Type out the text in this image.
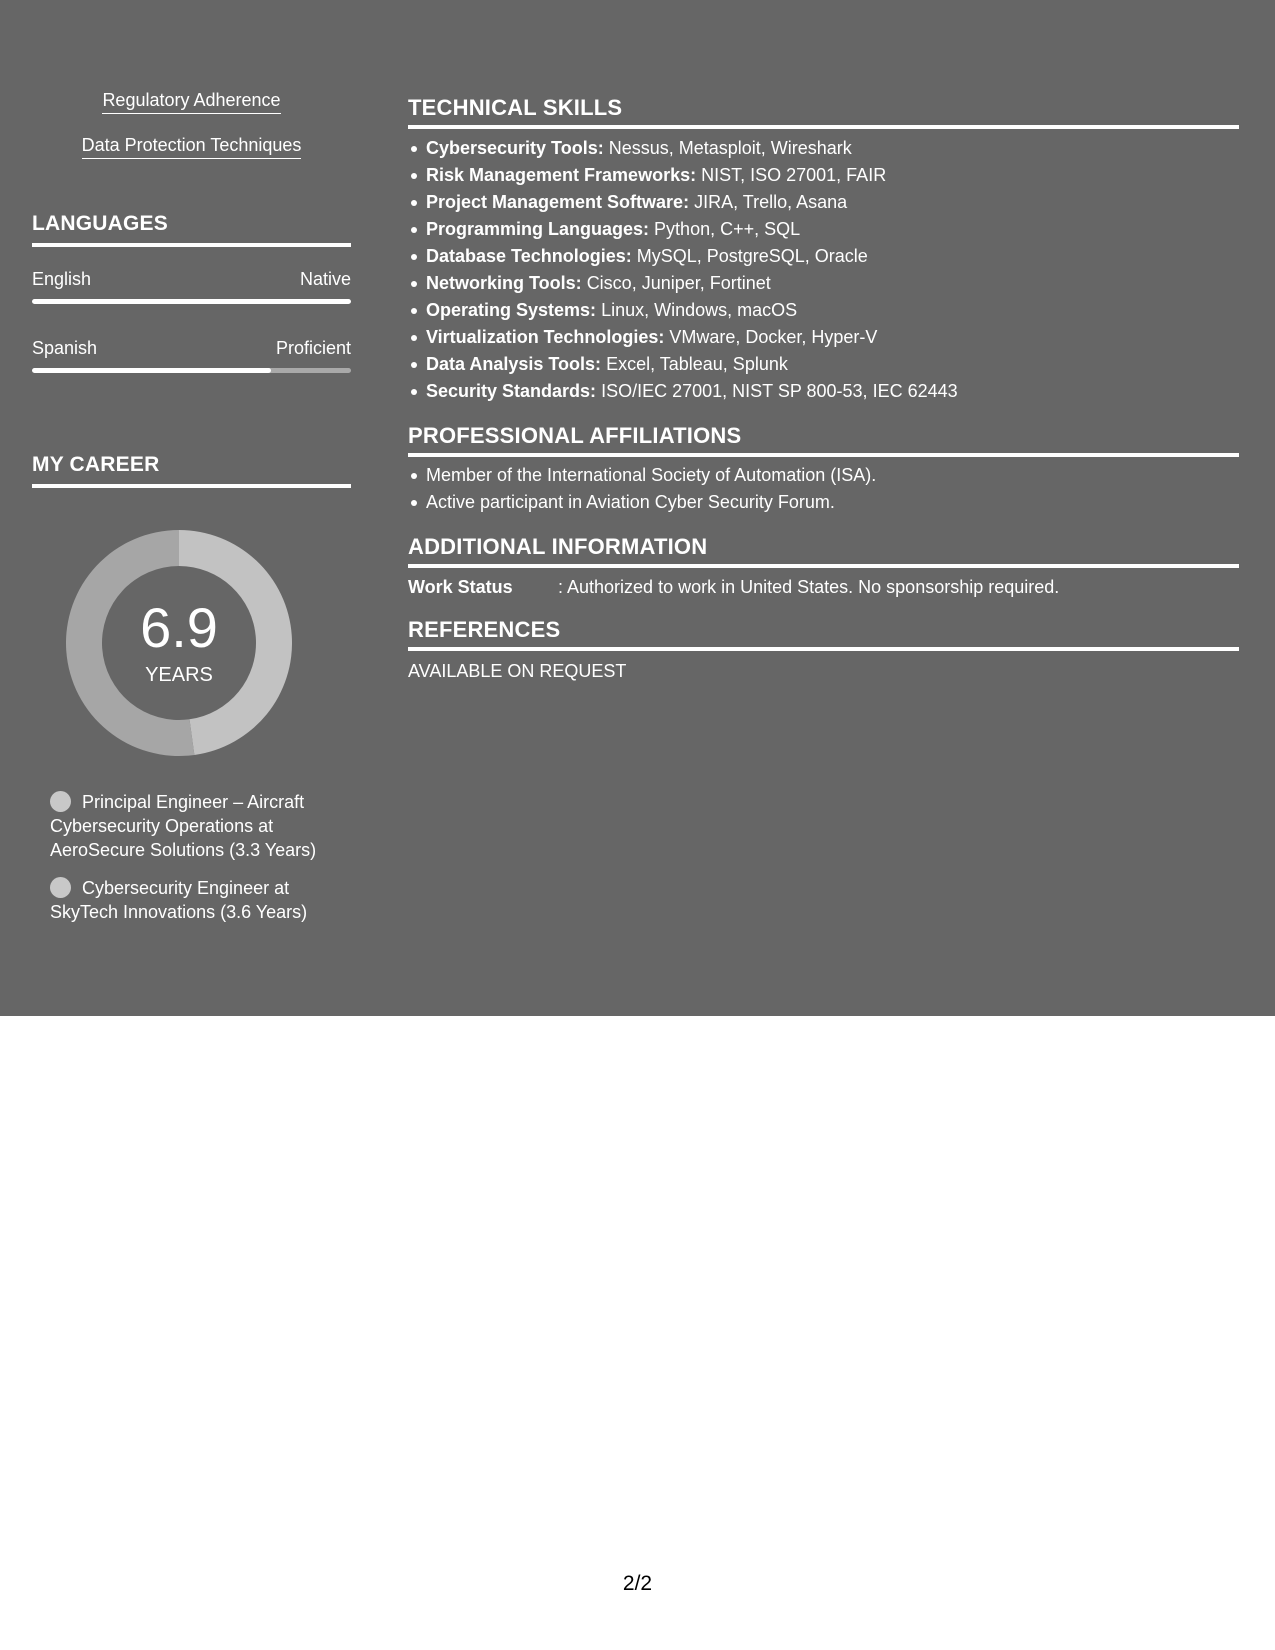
Regulatory Adherence
Data Protection Techniques
LANGUAGES
English	Native
Spanish	Proficient
MY CAREER
6.9
YEARS
Principal Engineer – Aircraft Cybersecurity Operations at AeroSecure Solutions (3.3 Years)
Cybersecurity Engineer at SkyTech Innovations (3.6 Years)
TECHNICAL SKILLS
Cybersecurity Tools: Nessus, Metasploit, Wireshark
Risk Management Frameworks: NIST, ISO 27001, FAIR
Project Management Software: JIRA, Trello, Asana
Programming Languages: Python, C++, SQL
Database Technologies: MySQL, PostgreSQL, Oracle
Networking Tools: Cisco, Juniper, Fortinet
Operating Systems: Linux, Windows, macOS
Virtualization Technologies: VMware, Docker, Hyper-V
Data Analysis Tools: Excel, Tableau, Splunk
Security Standards: ISO/IEC 27001, NIST SP 800-53, IEC 62443
PROFESSIONAL AFFILIATIONS
Member of the International Society of Automation (ISA).
Active participant in Aviation Cyber Security Forum.
ADDITIONAL INFORMATION
Work Status	: Authorized to work in United States. No sponsorship required.
REFERENCES
AVAILABLE ON REQUEST
2/2
